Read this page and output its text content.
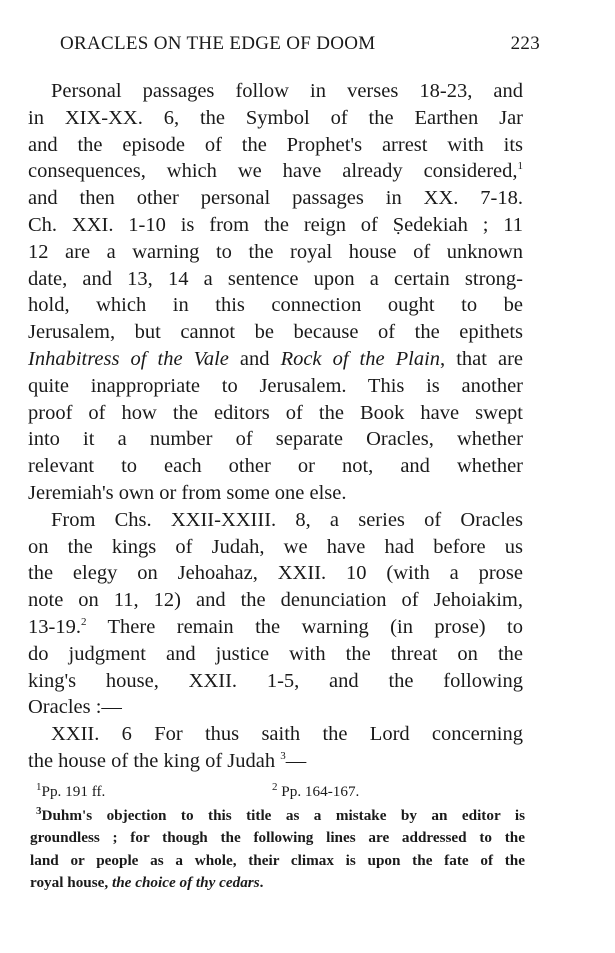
ORACLES ON THE EDGE OF DOOM	223
Personal passages follow in verses 18-23, and
in XIX-XX. 6, the Symbol of the Earthen Jar
and the episode of the Prophet's arrest with its
consequences, which we have already considered,$^1$
and then other personal passages in XX. 7-18.
Ch. XXI. 1-10 is from the reign of Ṣedekiah ; 11
12 are a warning to the royal house of unknown
date, and 13, 14 a sentence upon a certain strong-
hold, which in this connection ought to be
Jerusalem, but cannot be because of the epithets
Inhabitress of the Vale and Rock of the Plain, that are
quite inappropriate to Jerusalem. This is another
proof of how the editors of the Book have swept
into it a number of separate Oracles, whether
relevant to each other or not, and whether
Jeremiah's own or from some one else.
From Chs. XXII-XXIII. 8, a series of Oracles
on the kings of Judah, we have had before us
the elegy on Jehoahaz, XXII. 10 (with a prose
note on 11, 12) and the denunciation of Jehoiakim,
13-19.$^2$ There remain the warning (in prose) to
do judgment and justice with the threat on the
king's house, XXII. 1-5, and the following
Oracles :—
XXII. 6 For thus saith the Lord concerning
the house of the king of Judah $^3$—
$^1$Pp. 191 ff.	$^2$ Pp. 164-167.
$^3$Duhm's objection to this title as a mistake by an editor is
groundless ; for though the following lines are addressed to the
land or people as a whole, their climax is upon the fate of the
royal house, the choice of thy cedars.
